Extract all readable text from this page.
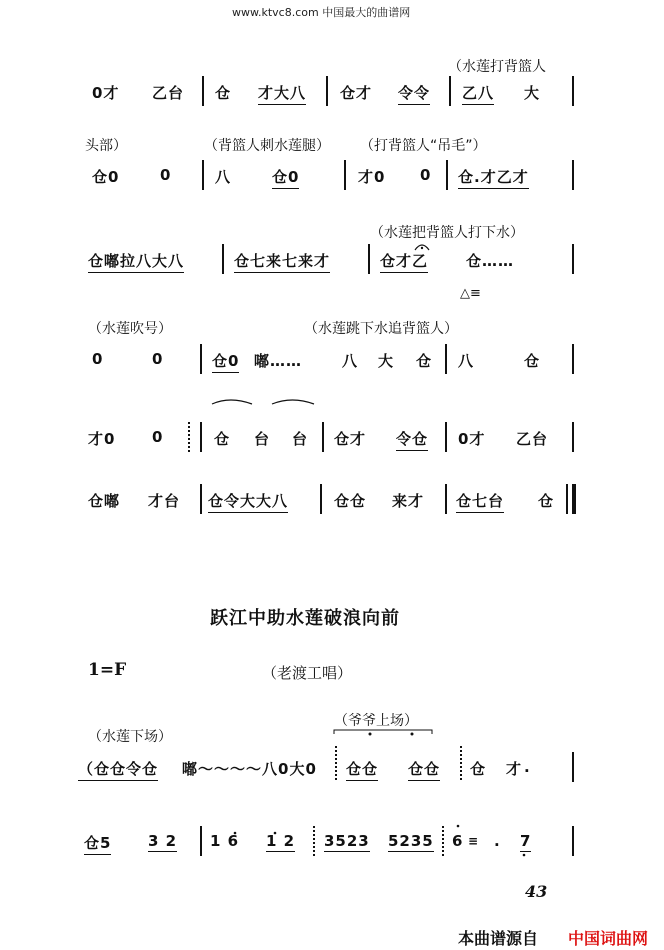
www.ktvc8.com 中国最大的曲谱网
（水莲打背篮人
0才 乙台 仓 才大八 仓才 令令 乙八 大
头部）	（背篮人刺水莲腿） （打背篮人“吊毛”）
仓0	0	八	仓0	才0 0 仓.才乙才
（水莲把背篮人打下水）
仓嘟拉八大八	仓七来七来才	仓才乙	仓……
△≡
（水莲吹号）	（水莲跳下水追背篮人）
0	0	仓0 嘟……	八 大 仓 八	仓
才0 0	仓 台 台 仓才 令仓 0才 乙台
仓嘟 才台 仓令大大八	仓仓 来才 仓七台 仓
跃江中助水莲破浪向前
1=F	（老渡工唱）
（水莲下场）
（爷爷上场）
（仓仓令仓 嘟～～～～八0大0 仓仓 仓仓 仓 才 .
仓5 3 2 1 6 1 2 3523 5235 6 ≡ . 7
43
本曲谱源自 中国词曲网
